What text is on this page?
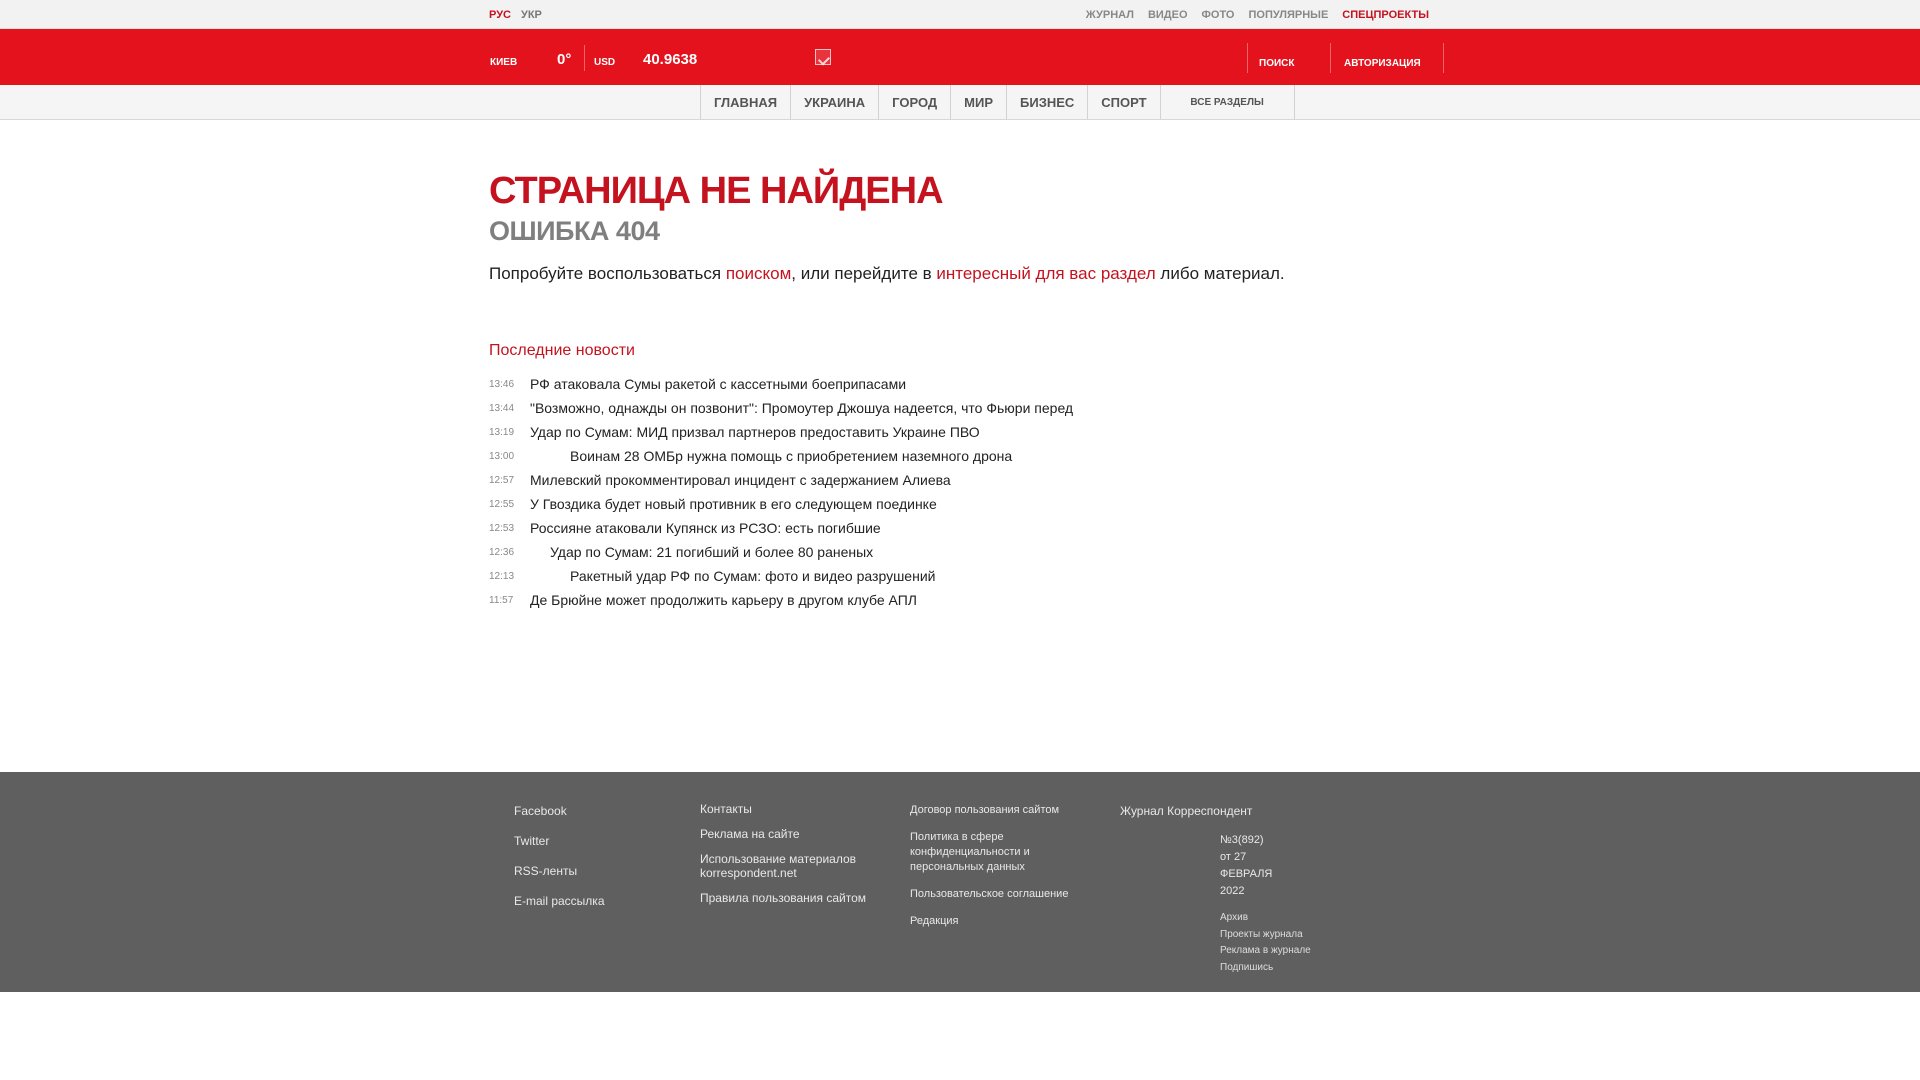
РУС УКР	ЖУРНАЛ ВИДЕО ФОТО ПОПУЛЯРНЫЕ СПЕЦПРОЕКТЫ
КИЕВ	0° USD 40.9638	ПОИСК	АВТОРИЗАЦИЯ
ГЛАВНАЯ	УКРАИНА	ГОРОД	МИР	БИЗНЕС	СПОРТ	ВСЕ РАЗДЕЛЫ
СТРАНИЦА НЕ НАЙДЕНА
ОШИБКА 404

Попробуйте воспользоваться поиском, или перейдите в интересный для вас раздел либо материал.

Последние новости
13:46	РФ атаковала Сумы ракетой с кассетными боеприпасами
13:44	"Возможно, однажды он позвонит": Промоутер Джошуа надеется, что Фьюри перед
13:19	Удар по Сумам: МИД призвал партнеров предоставить Украине ПВО
13:00	Воинам 28 ОМБр нужна помощь с приобретением наземного дрона
12:57	Милевский прокомментировал инцидент с задержанием Алиева
12:55	У Гвоздика будет новый противник в его следующем поединке
12:53	Россияне атаковали Купянск из РСЗО: есть погибшие
12:36	Удар по Сумам: 21 погибший и более 80 раненых
12:13	Ракетный удар РФ по Сумам: фото и видео разрушений
11:57	Де Брюйне может продолжить карьеру в другом клубе АПЛ
Facebook
Twitter
RSS-ленты
E-mail рассылка
Контакты
Реклама на сайте
Использование материалов korrespondent.net
Правила пользования сайтом
Договор пользования сайтом
Политика в сфере конфиденциальности и персональных данных
Пользовательское соглашение
Редакция
Журнал Корреспондент
№3(892)
от 27
ФЕВРАЛЯ
2022
Архив
Проекты журнала
Реклама в журнале
Подпишись
